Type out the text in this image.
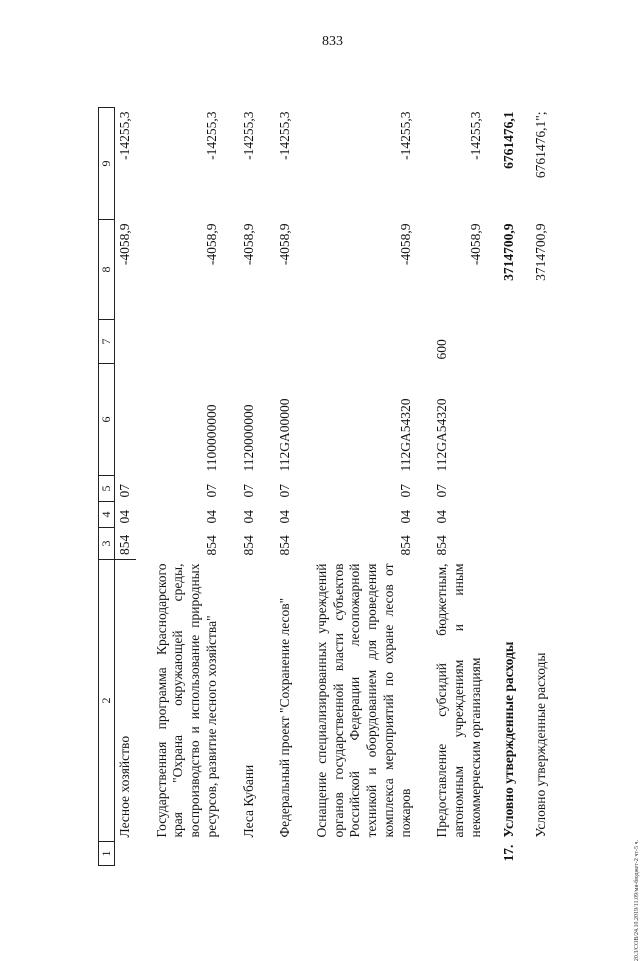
833
1	2	3	4	5	6	7	8	9
	Лесное хозяйство	854	04	07			-4058,9	-14255,3

	Государственная программа Краснодарского края "Охрана окружающей среды, воспроизводство и использование природных ресурсов, развитие лесного хозяйства"	854	04	07	1100000000		-4058,9	-14255,3

	Леса Кубани	854	04	07	1120000000		-4058,9	-14255,3

	Федеральный проект "Сохранение лесов"	854	04	07	112GA00000		-4058,9	-14255,3

	Оснащение специализированных учреждений органов государственной власти субъектов Российской Федерации лесопожарной техникой и оборудованием для проведения комплекса мероприятий по охране лесов от пожаров	854	04	07	112GA54320		-4058,9	-14255,3

	Предоставление субсидий бюджетным, автономным учреждениям и иным некоммерческим организациям	854	04	07	112GA54320	600	-4058,9	-14255,3

17.	Условно утвержденные расходы						3714700,9	6761476,1

	Условно утвержденные расходы						3714700,9	6761476,1";
20.3/СОВ/24.10.2019/11.09/мя-бюджет-2 чт-5 ч.
